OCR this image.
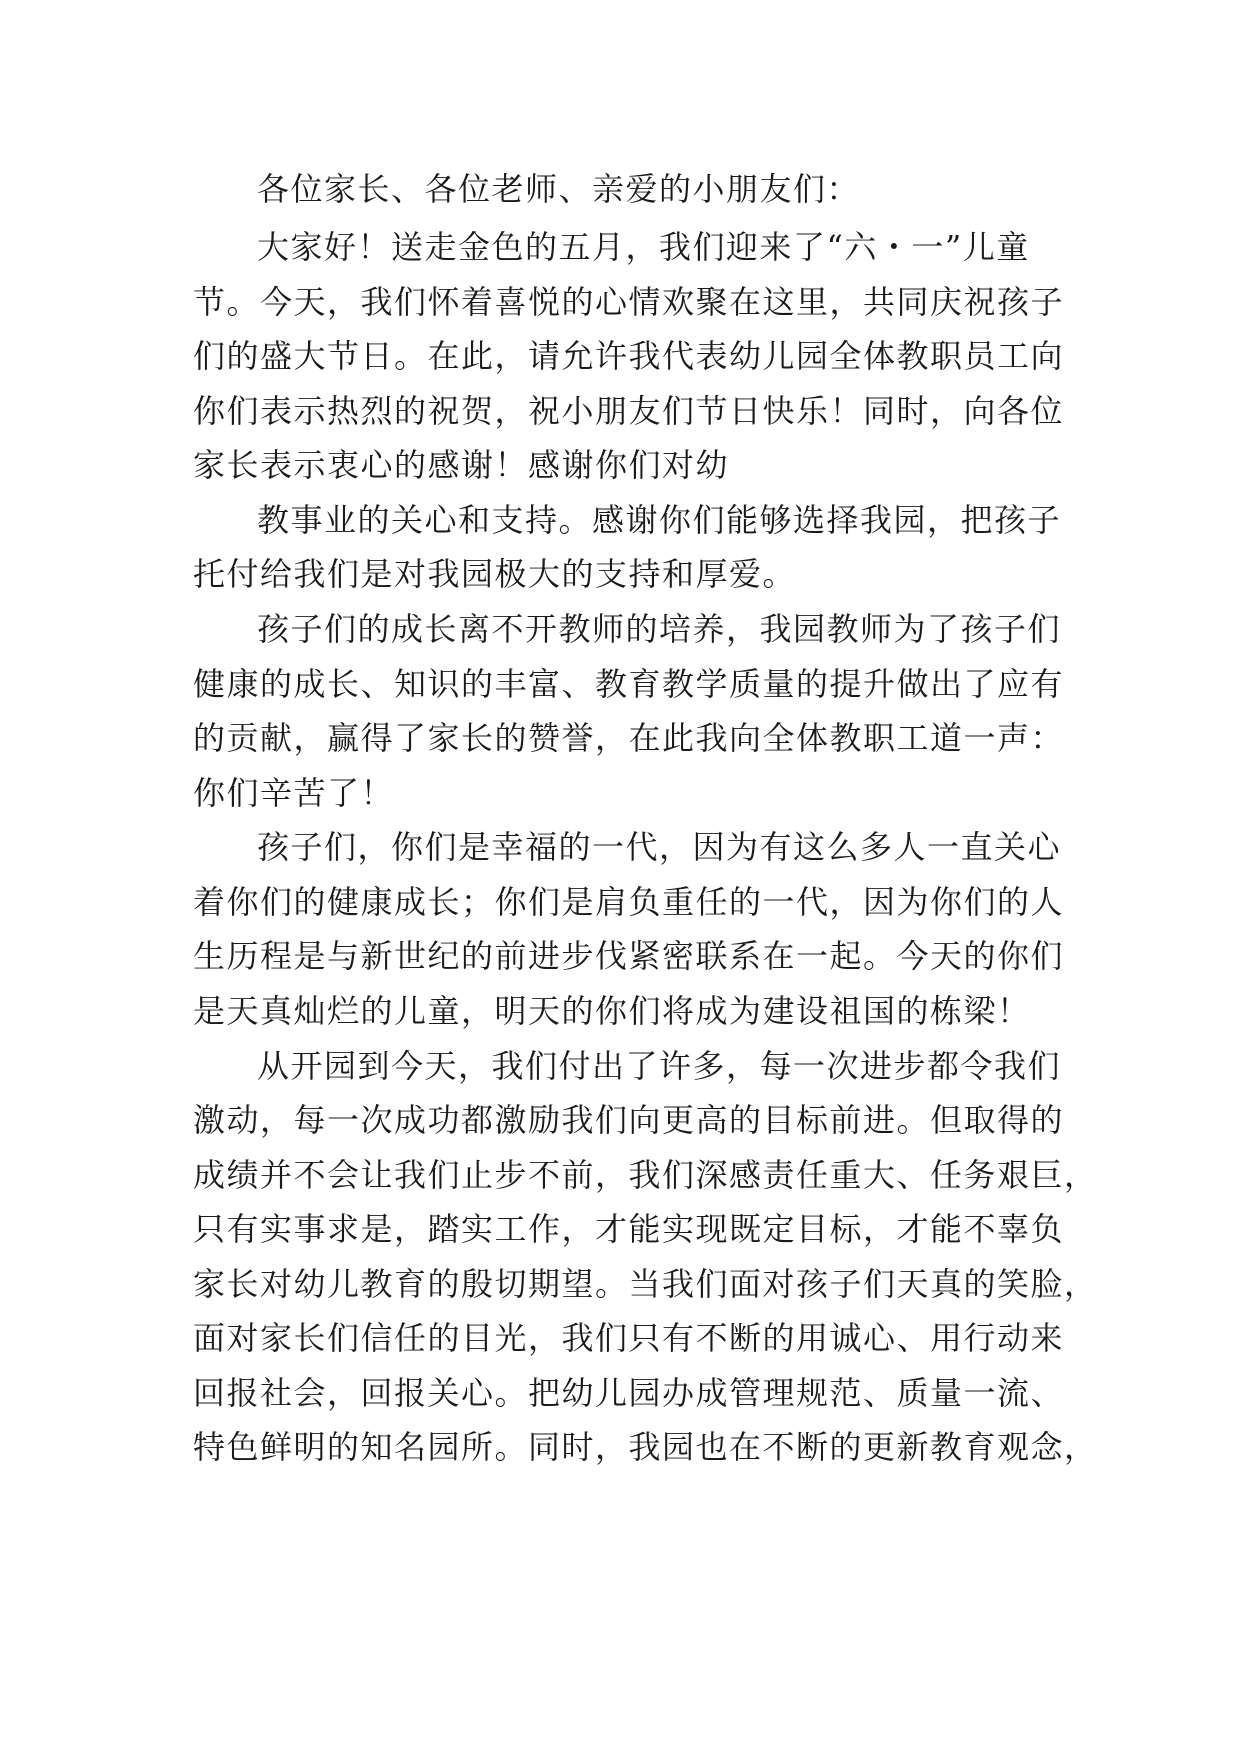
各位家长、各位老师、亲爱的小朋友们：
大家好！送走金色的五月，我们迎来了“六・一”儿童
节。今天，我们怀着喜悦的心情欢聚在这里，共同庆祝孩子
们的盛大节日。在此，请允许我代表幼儿园全体教职员工向
你们表示热烈的祝贺，祝小朋友们节日快乐！同时，向各位
家长表示衷心的感谢！感谢你们对幼
教事业的关心和支持。感谢你们能够选择我园，把孩子
托付给我们是对我园极大的支持和厚爱。
孩子们的成长离不开教师的培养，我园教师为了孩子们
健康的成长、知识的丰富、教育教学质量的提升做出了应有
的贡献，赢得了家长的赞誉，在此我向全体教职工道一声：
你们辛苦了！
孩子们，你们是幸福的一代，因为有这么多人一直关心
着你们的健康成长；你们是肩负重任的一代，因为你们的人
生历程是与新世纪的前进步伐紧密联系在一起。今天的你们
是天真灿烂的儿童，明天的你们将成为建设祖国的栋梁！
从开园到今天，我们付出了许多，每一次进步都令我们
激动，每一次成功都激励我们向更高的目标前进。但取得的
成绩并不会让我们止步不前，我们深感责任重大、任务艰巨，
只有实事求是，踏实工作，才能实现既定目标，才能不辜负
家长对幼儿教育的殷切期望。当我们面对孩子们天真的笑脸，
面对家长们信任的目光，我们只有不断的用诚心、用行动来
回报社会，回报关心。把幼儿园办成管理规范、质量一流、
特色鲜明的知名园所。同时，我园也在不断的更新教育观念，
